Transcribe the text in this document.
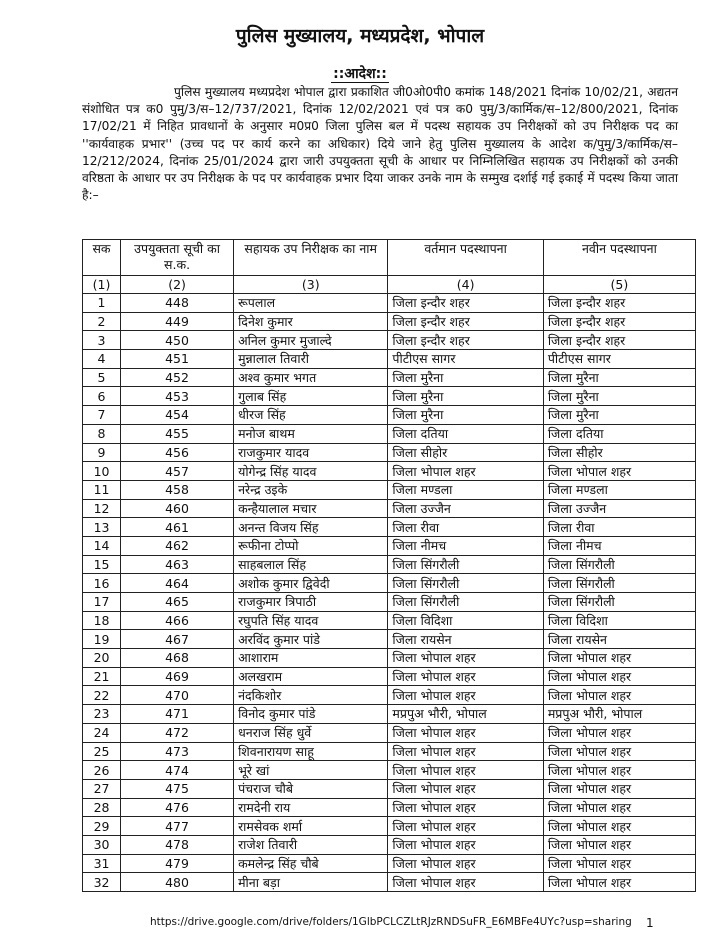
पुलिस मुख्यालय, मध्यप्रदेश, भोपाल
::आदेश::
पुलिस मुख्यालय मध्यप्रदेश भोपाल द्वारा प्रकाशित जी0ओ0पी0 कमांक 148/2021 दिनांक 10/02/21, अद्यतन संशोधित पत्र क0 पुमु/3/स–12/737/2021, दिनांक 12/02/2021 एवं पत्र क0 पुमु/3/कार्मिक/स–12/800/2021, दिनांक 17/02/21 में निहित प्रावधानों के अनुसार म0प्र0 जिला पुलिस बल में पदस्थ सहायक उप निरीक्षकों को उप निरीक्षक पद का ''कार्यवाहक प्रभार'' (उच्च पद पर कार्य करने का अधिकार) दिये जाने हेतु पुलिस मुख्यालय के आदेश क/पुमु/3/कार्मिक/स–12/212/2024, दिनांक 25/01/2024 द्वारा जारी उपयुक्तता सूची के आधार पर निम्निलिखित सहायक उप निरीक्षकों को उनकी वरिष्ठता के आधार पर उप निरीक्षक के पद पर कार्यवाहक प्रभार दिया जाकर उनके नाम के सम्मुख दर्शाई गई इकाई में पदस्थ किया जाता है:–
सक	उपयुक्तता सूची का स.क.	सहायक उप निरीक्षक का नाम	वर्तमान पदस्थापना	नवीन पदस्थापना
(1)	(2)	(3)	(4)	(5)
1	448	रूपलाल	जिला इन्दौर शहर	जिला इन्दौर शहर
2	449	दिनेश कुमार	जिला इन्दौर शहर	जिला इन्दौर शहर
3	450	अनिल कुमार मुजाल्दे	जिला इन्दौर शहर	जिला इन्दौर शहर
4	451	मुन्नालाल तिवारी	पीटीएस सागर	पीटीएस सागर
5	452	अश्व कुमार भगत	जिला मुरैना	जिला मुरैना
6	453	गुलाब सिंह	जिला मुरैना	जिला मुरैना
7	454	धीरज सिंह	जिला मुरैना	जिला मुरैना
8	455	मनोज बाथम	जिला दतिया	जिला दतिया
9	456	राजकुमार यादव	जिला सीहोर	जिला सीहोर
10	457	योगेन्द्र सिंह यादव	जिला भोपाल शहर	जिला भोपाल शहर
11	458	नरेन्द्र उइके	जिला मण्डला	जिला मण्डला
12	460	कन्हैयालाल मचार	जिला उज्जैन	जिला उज्जैन
13	461	अनन्त विजय सिंह	जिला रीवा	जिला रीवा
14	462	रूफीना टोप्पो	जिला नीमच	जिला नीमच
15	463	साहबलाल सिंह	जिला सिंगरौली	जिला सिंगरौली
16	464	अशोक कुमार द्विवेदी	जिला सिंगरौली	जिला सिंगरौली
17	465	राजकुमार त्रिपाठी	जिला सिंगरौली	जिला सिंगरौली
18	466	रघुपति सिंह यादव	जिला विदिशा	जिला विदिशा
19	467	अरविंद कुमार पांडे	जिला रायसेन	जिला रायसेन
20	468	आशाराम	जिला भोपाल शहर	जिला भोपाल शहर
21	469	अलखराम	जिला भोपाल शहर	जिला भोपाल शहर
22	470	नंदकिशोर	जिला भोपाल शहर	जिला भोपाल शहर
23	471	विनोद कुमार पांडे	मप्रपुअ भौरी, भोपाल	मप्रपुअ भौरी, भोपाल
24	472	धनराज सिंह धुर्वे	जिला भोपाल शहर	जिला भोपाल शहर
25	473	शिवनारायण साहू	जिला भोपाल शहर	जिला भोपाल शहर
26	474	भूरे खां	जिला भोपाल शहर	जिला भोपाल शहर
27	475	पंचराज चौबे	जिला भोपाल शहर	जिला भोपाल शहर
28	476	रामदेनी राय	जिला भोपाल शहर	जिला भोपाल शहर
29	477	रामसेवक शर्मा	जिला भोपाल शहर	जिला भोपाल शहर
30	478	राजेश तिवारी	जिला भोपाल शहर	जिला भोपाल शहर
31	479	कमलेन्द्र सिंह चौबे	जिला भोपाल शहर	जिला भोपाल शहर
32	480	मीना बड़ा	जिला भोपाल शहर	जिला भोपाल शहर
https://drive.google.com/drive/folders/1GlbPCLCZLtRJzRNDSuFR_E6MBFe4UYc?usp=sharing 1
